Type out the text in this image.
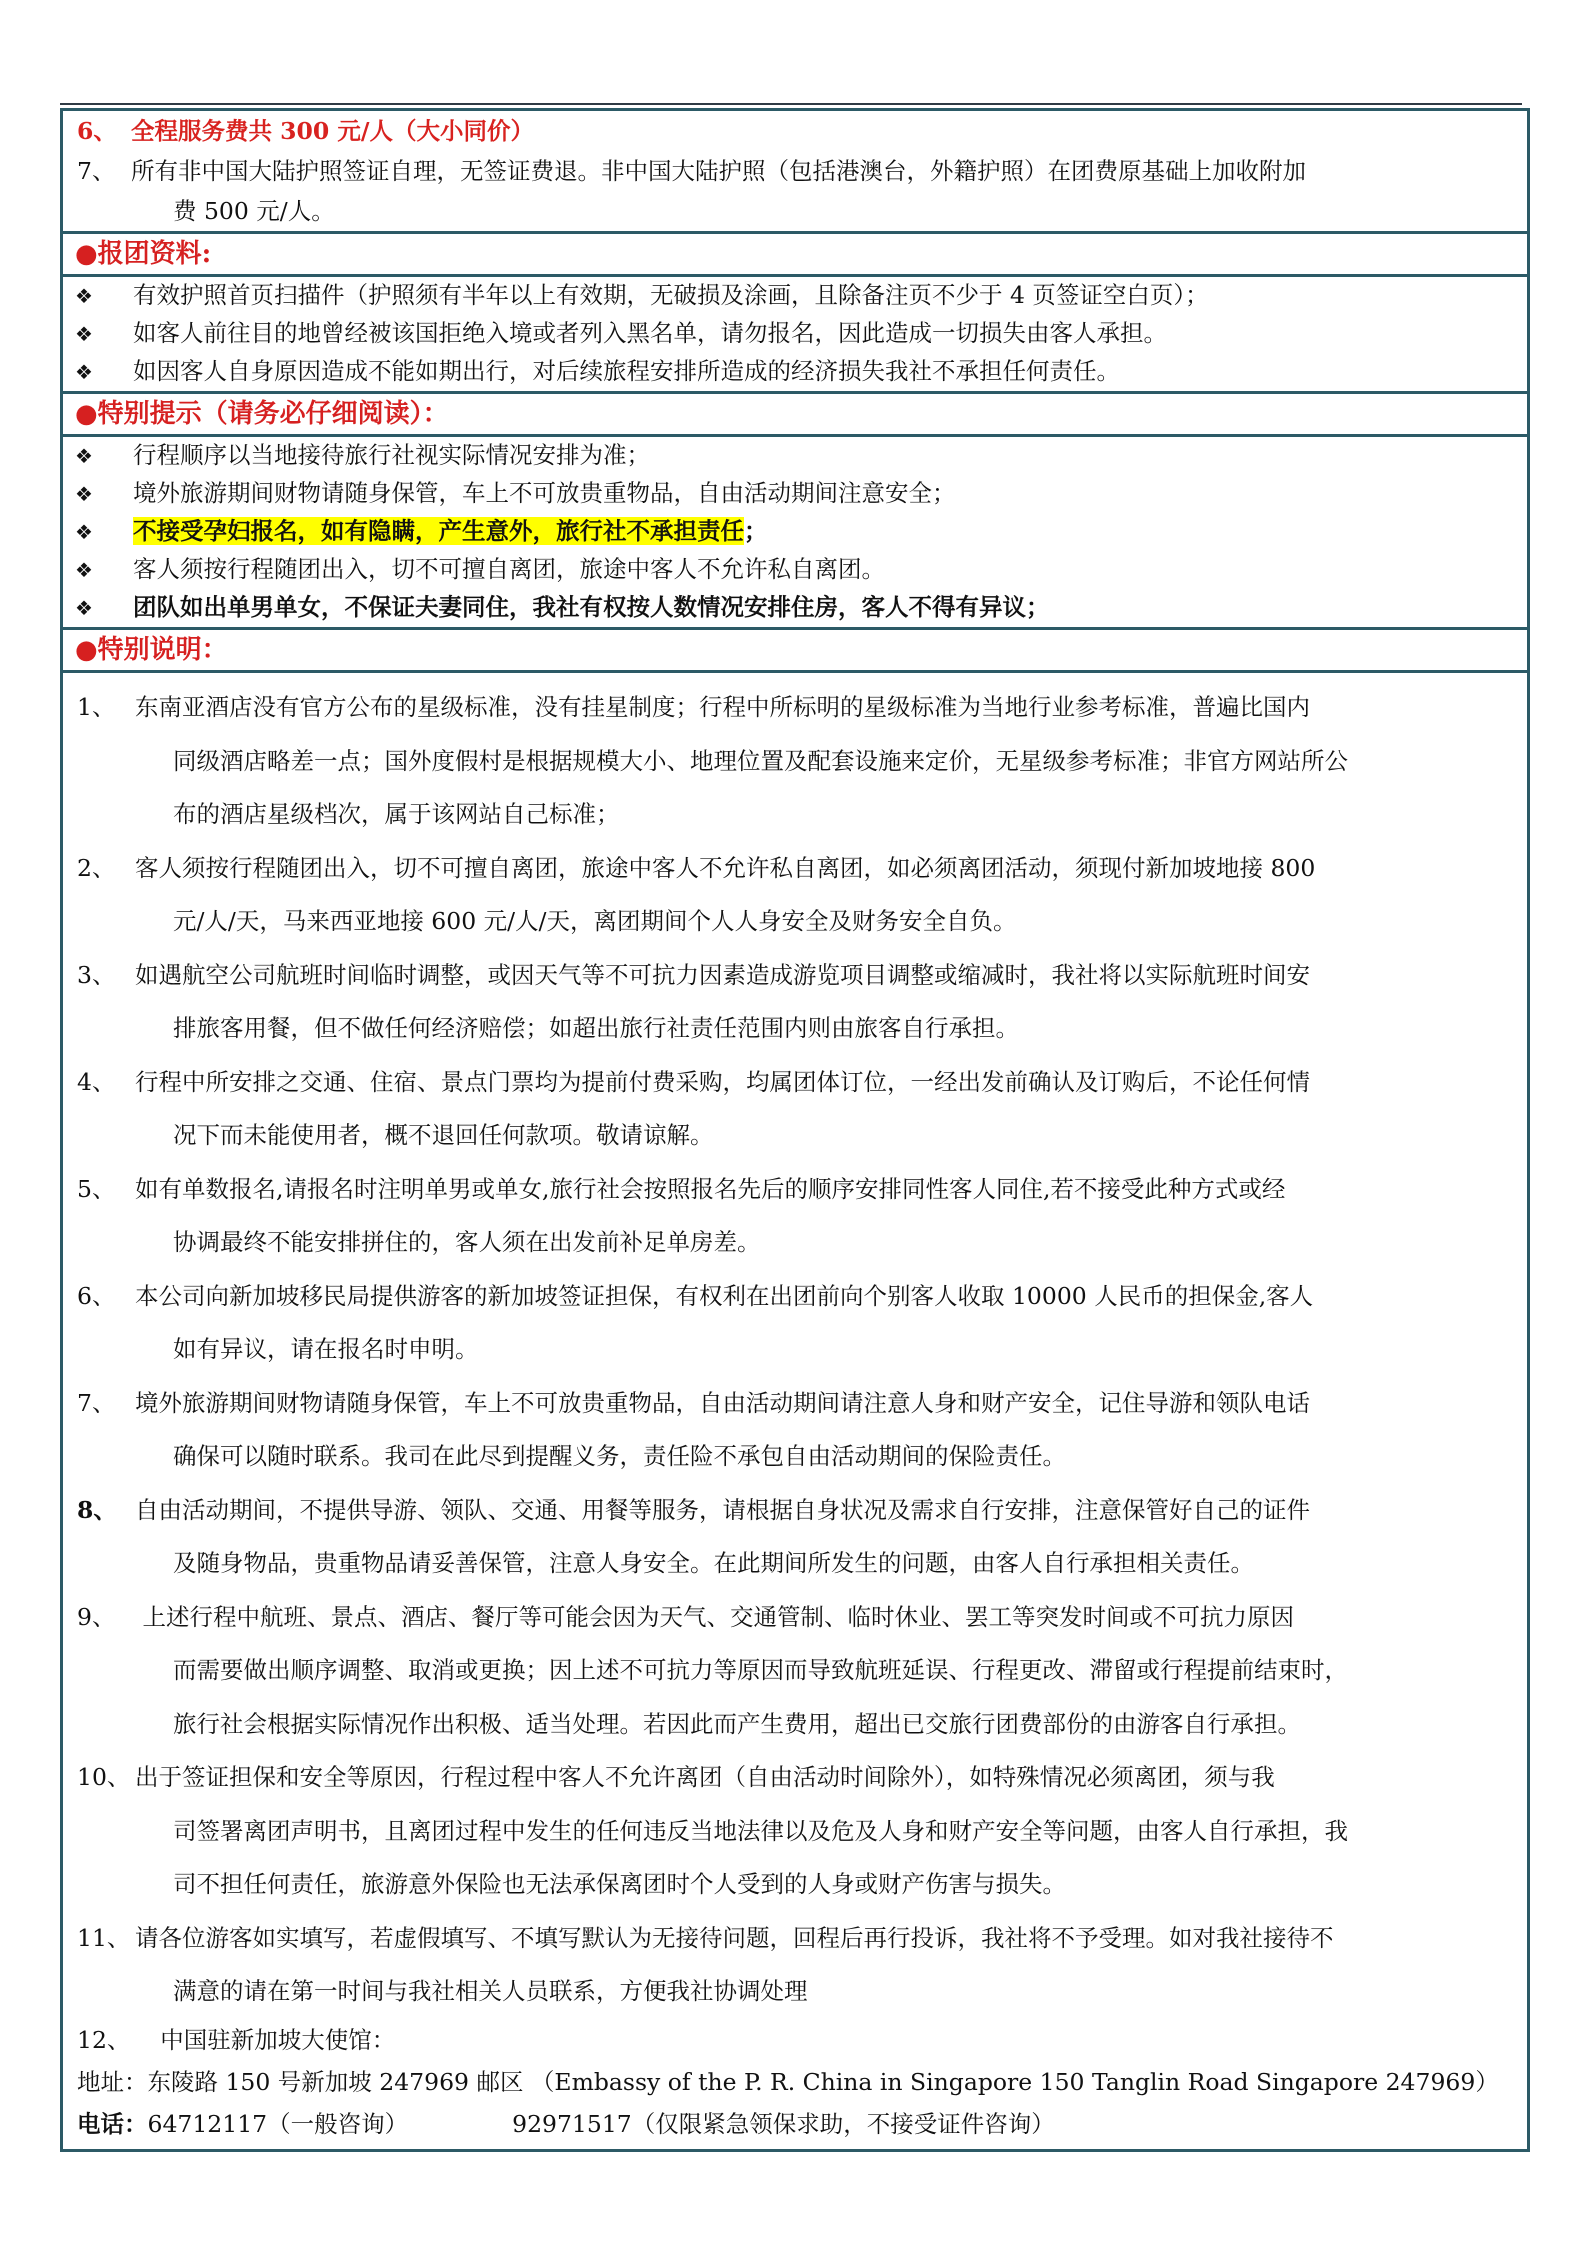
6、 全程服务费共 300 元/人（大小同价）
7、 所有非中国大陆护照签证自理，无签证费退。非中国大陆护照（包括港澳台，外籍护照）在团费原基础上加收附加
费 500 元/人。
●报团资料:
❖ 有效护照首页扫描件（护照须有半年以上有效期，无破损及涂画，且除备注页不少于 4 页签证空白页）；
❖ 如客人前往目的地曾经被该国拒绝入境或者列入黑名单，请勿报名，因此造成一切损失由客人承担。
❖ 如因客人自身原因造成不能如期出行，对后续旅程安排所造成的经济损失我社不承担任何责任。
●特别提示（请务必仔细阅读）：
❖ 行程顺序以当地接待旅行社视实际情况安排为准；
❖ 境外旅游期间财物请随身保管，车上不可放贵重物品，自由活动期间注意安全；
❖ 不接受孕妇报名，如有隐瞒，产生意外，旅行社不承担责任；
❖ 客人须按行程随团出入，切不可擅自离团，旅途中客人不允许私自离团。
❖ 团队如出单男单女，不保证夫妻同住，我社有权按人数情况安排住房，客人不得有异议；
●特别说明：
1、 东南亚酒店没有官方公布的星级标准，没有挂星制度；行程中所标明的星级标准为当地行业参考标准，普遍比国内
同级酒店略差一点；国外度假村是根据规模大小、地理位置及配套设施来定价，无星级参考标准；非官方网站所公
布的酒店星级档次，属于该网站自己标准；
2、 客人须按行程随团出入，切不可擅自离团，旅途中客人不允许私自离团，如必须离团活动，须现付新加坡地接 800
元/人/天，马来西亚地接 600 元/人/天，离团期间个人人身安全及财务安全自负。
3、 如遇航空公司航班时间临时调整，或因天气等不可抗力因素造成游览项目调整或缩减时，我社将以实际航班时间安
排旅客用餐，但不做任何经济赔偿；如超出旅行社责任范围内则由旅客自行承担。
4、 行程中所安排之交通、住宿、景点门票均为提前付费采购，均属团体订位，一经出发前确认及订购后，不论任何情
况下而未能使用者，概不退回任何款项。敬请谅解。
5、 如有单数报名,请报名时注明单男或单女,旅行社会按照报名先后的顺序安排同性客人同住,若不接受此种方式或经
协调最终不能安排拼住的，客人须在出发前补足单房差。
6、 本公司向新加坡移民局提供游客的新加坡签证担保，有权利在出团前向个别客人收取 10000 人民币的担保金,客人
如有异议，请在报名时申明。
7、 境外旅游期间财物请随身保管，车上不可放贵重物品，自由活动期间请注意人身和财产安全，记住导游和领队电话
确保可以随时联系。我司在此尽到提醒义务，责任险不承包自由活动期间的保险责任。
8、 自由活动期间，不提供导游、领队、交通、用餐等服务，请根据自身状况及需求自行安排，注意保管好自己的证件
及随身物品，贵重物品请妥善保管，注意人身安全。在此期间所发生的问题，由客人自行承担相关责任。
9、 上述行程中航班、景点、酒店、餐厅等可能会因为天气、交通管制、临时休业、罢工等突发时间或不可抗力原因
而需要做出顺序调整、取消或更换；因上述不可抗力等原因而导致航班延误、行程更改、滞留或行程提前结束时，
旅行社会根据实际情况作出积极、适当处理。若因此而产生费用，超出已交旅行团费部份的由游客自行承担。
10、 出于签证担保和安全等原因，行程过程中客人不允许离团（自由活动时间除外），如特殊情况必须离团，须与我
司签署离团声明书，且离团过程中发生的任何违反当地法律以及危及人身和财产安全等问题，由客人自行承担，我
司不担任何责任，旅游意外保险也无法承保离团时个人受到的人身或财产伤害与损失。
11、 请各位游客如实填写，若虚假填写、不填写默认为无接待问题，回程后再行投诉，我社将不予受理。如对我社接待不
满意的请在第一时间与我社相关人员联系，方便我社协调处理
12、 中国驻新加坡大使馆：
地址：东陵路 150 号新加坡 247969 邮区 （Embassy of the P. R. China in Singapore 150 Tanglin Road Singapore 247969）
电话：64712117（一般咨询）	92971517（仅限紧急领保求助，不接受证件咨询）
